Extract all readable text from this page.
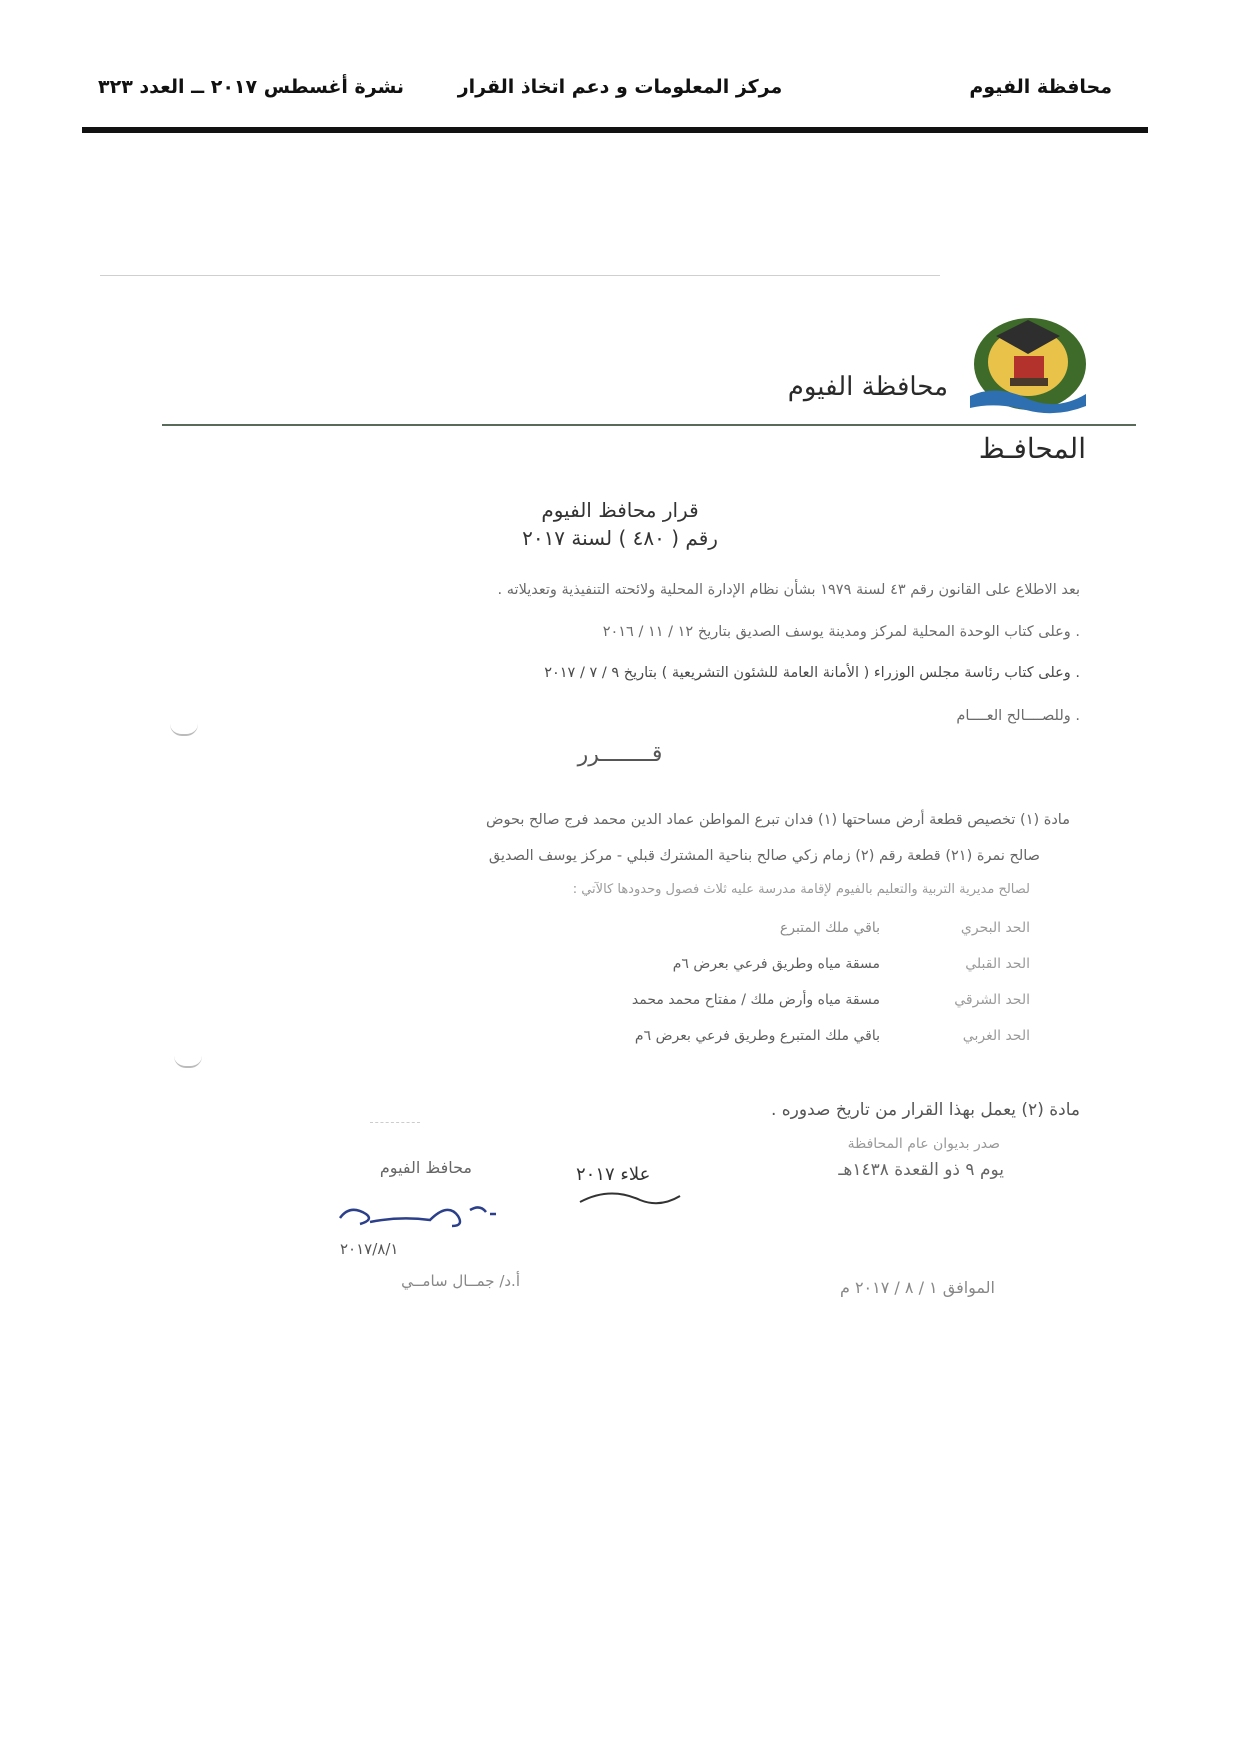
محافظة الفيوم
مركز المعلومات و دعم اتخاذ القرار
نشرة أغسطس ٢٠١٧ ــ العدد ٣٢٣
محافظة الفيوم
المحافـظ
قرار محافظ الفيوم
رقم ( ٤٨٠ ) لسنة ٢٠١٧
بعد الاطلاع على القانون رقم ٤٣ لسنة ١٩٧٩ بشأن نظام الإدارة المحلية ولائحته التنفيذية وتعديلاته .
. وعلى كتاب الوحدة المحلية لمركز ومدينة يوسف الصديق بتاريخ ١٢ / ١١ / ٢٠١٦
. وعلى كتاب رئاسة مجلس الوزراء ( الأمانة العامة للشئون التشريعية ) بتاريخ ٩ / ٧ / ٢٠١٧
. وللصــــالح العــــام
قــــــــرر
مادة (١) تخصيص قطعة أرض مساحتها (١) فدان تبرع المواطن عماد الدين محمد فرج صالح بحوض
صالح نمرة (٢١) قطعة رقم (٢) زمام زكي صالح بناحية المشترك قبلي - مركز يوسف الصديق
لصالح مديرية التربية والتعليم بالفيوم لإقامة مدرسة عليه ثلاث فصول وحدودها كالآتي :
الحد البحري
باقي ملك المتبرع
الحد القبلي
مسقة مياه وطريق فرعي بعرض ٦م
الحد الشرقي
مسقة مياه وأرض ملك / مفتاح محمد محمد
الحد الغربي
باقي ملك المتبرع وطريق فرعي بعرض ٦م
مادة (٢) يعمل بهذا القرار من تاريخ صدوره .
صدر بديوان عام المحافظة
يوم ٩ ذو القعدة ١٤٣٨هـ
الموافق ١ / ٨ / ٢٠١٧ م
محافظ الفيوم
٢٠١٧/٨/١
أ.د/ جمــال سامــي
علاء ٢٠١٧
